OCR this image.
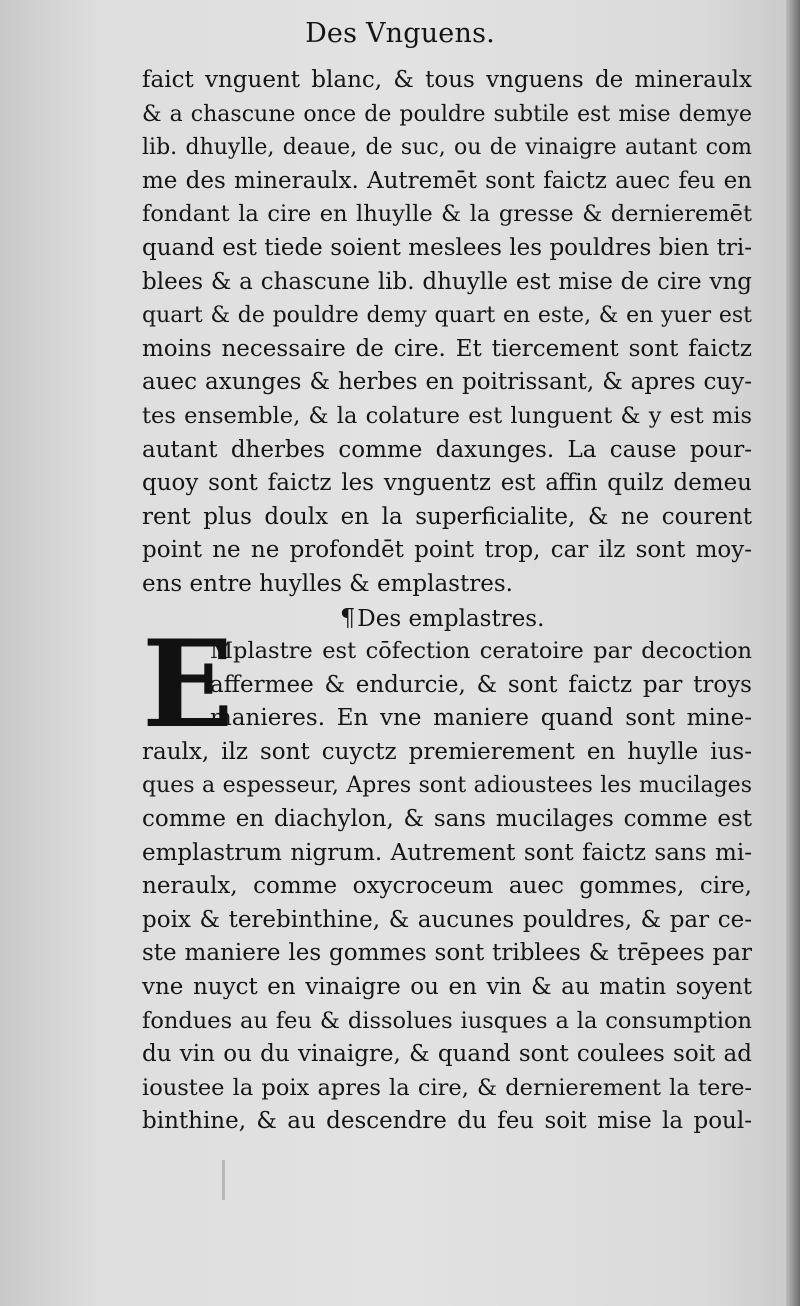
Des Vnguens.
faict vnguent blanc, & tous vnguens de mineraulx
& a chascune once de pouldre subtile est mise demye
lib. dhuylle, deaue, de suc, ou de vinaigre autant com
me des mineraulx. Autremēt sont faictz auec feu en
fondant la cire en lhuylle & la gresse & dernieremēt
quand est tiede soient meslees les pouldres bien tri-
blees & a chascune lib. dhuylle est mise de cire vng
quart & de pouldre demy quart en este, & en yuer est
moins necessaire de cire. Et tiercement sont faictz
auec axunges & herbes en poitrissant, & apres cuy-
tes ensemble, & la colature est lunguent & y est mis
autant dherbes comme daxunges. La cause pour-
quoy sont faictz les vnguentz est affin quilz demeu
rent plus doulx en la superficialite, & ne courent
point ne ne profondēt point trop, car ilz sont moy-
ens entre huylles & emplastres.
¶Des emplastres.
E
Mplastre est cōfection ceratoire par decoction
affermee & endurcie, & sont faictz par troys
manieres. En vne maniere quand sont mine-
raulx, ilz sont cuyctz premierement en huylle ius-
ques a espesseur, Apres sont adioustees les mucilages
comme en diachylon, & sans mucilages comme est
emplastrum nigrum. Autrement sont faictz sans mi-
neraulx, comme oxycroceum auec gommes, cire,
poix & terebinthine, & aucunes pouldres, & par ce-
ste maniere les gommes sont triblees & trēpees par
vne nuyct en vinaigre ou en vin & au matin soyent
fondues au feu & dissolues iusques a la consumption
du vin ou du vinaigre, & quand sont coulees soit ad
ioustee la poix apres la cire, & dernierement la tere-
binthine, & au descendre du feu soit mise la poul-
